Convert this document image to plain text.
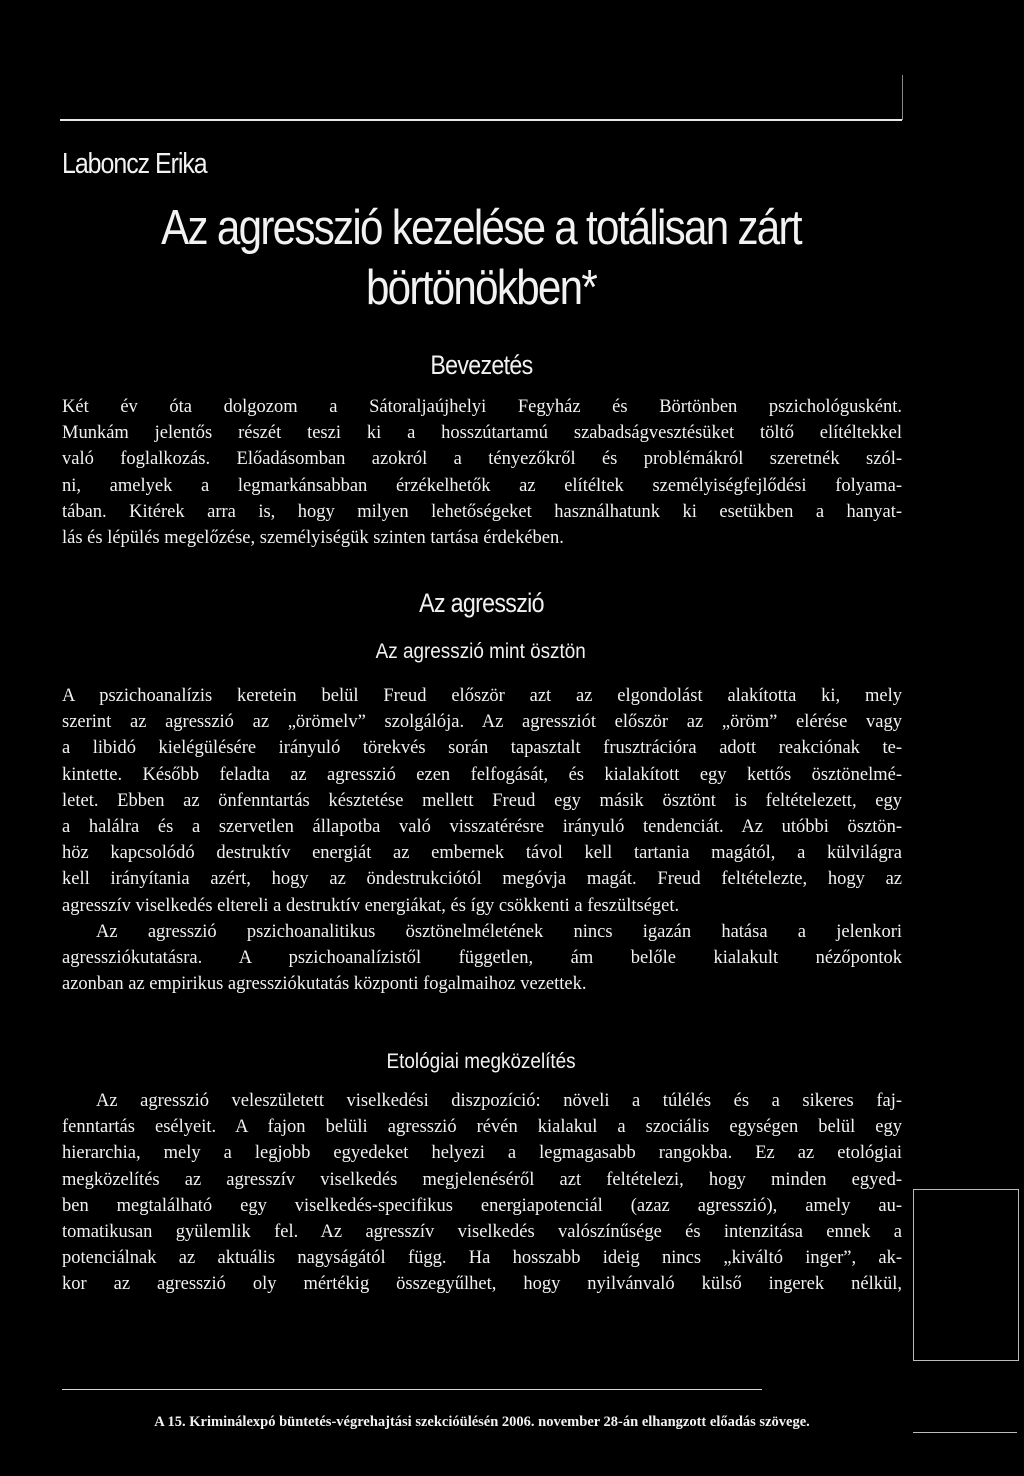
Laboncz Erika
Az agresszió kezelése a totálisan zárt
börtönökben*
Bevezetés
Két év óta dolgozom a Sátoraljaújhelyi Fegyház és Börtönben pszichológusként.
Munkám jelentős részét teszi ki a hosszútartamú szabadságvesztésüket töltő elítéltekkel
való foglalkozás. Előadásomban azokról a tényezőkről és problémákról szeretnék szól-
ni, amelyek a legmarkánsabban érzékelhetők az elítéltek személyiségfejlődési folyama-
tában. Kitérek arra is, hogy milyen lehetőségeket használhatunk ki esetükben a hanyat-
lás és lépülés megelőzése, személyiségük szinten tartása érdekében.
Az agresszió
Az agresszió mint ösztön
A pszichoanalízis keretein belül Freud először azt az elgondolást alakította ki, mely
szerint az agresszió az „örömelv” szolgálója. Az agressziót először az „öröm” elérése vagy
a libidó kielégülésére irányuló törekvés során tapasztalt frusztrációra adott reakciónak te-
kintette. Később feladta az agresszió ezen felfogását, és kialakított egy kettős ösztönelmé-
letet. Ebben az önfenntartás késztetése mellett Freud egy másik ösztönt is feltételezett, egy
a halálra és a szervetlen állapotba való visszatérésre irányuló tendenciát. Az utóbbi ösztön-
höz kapcsolódó destruktív energiát az embernek távol kell tartania magától, a külvilágra
kell irányítania azért, hogy az öndestrukciótól megóvja magát. Freud feltételezte, hogy az
agresszív viselkedés eltereli a destruktív energiákat, és így csökkenti a feszültséget.
Az agresszió pszichoanalitikus ösztönelméletének nincs igazán hatása a jelenkori
agressziókutatásra. A pszichoanalízistől független, ám belőle kialakult nézőpontok
azonban az empirikus agressziókutatás központi fogalmaihoz vezettek.
Etológiai megközelítés
Az agresszió veleszületett viselkedési diszpozíció: növeli a túlélés és a sikeres faj-
fenntartás esélyeit. A fajon belüli agresszió révén kialakul a szociális egységen belül egy
hierarchia, mely a legjobb egyedeket helyezi a legmagasabb rangokba. Ez az etológiai
megközelítés az agresszív viselkedés megjelenéséről azt feltételezi, hogy minden egyed-
ben megtalálható egy viselkedés-specifikus energiapotenciál (azaz agresszió), amely au-
tomatikusan gyülemlik fel. Az agresszív viselkedés valószínűsége és intenzitása ennek a
potenciálnak az aktuális nagyságától függ. Ha hosszabb ideig nincs „kiváltó inger”, ak-
kor az agresszió oly mértékig összegyűlhet, hogy nyilvánvaló külső ingerek nélkül,
A 15. Kriminálexpó büntetés-végrehajtási szekcióülésén 2006. november 28-án elhangzott előadás szövege.
